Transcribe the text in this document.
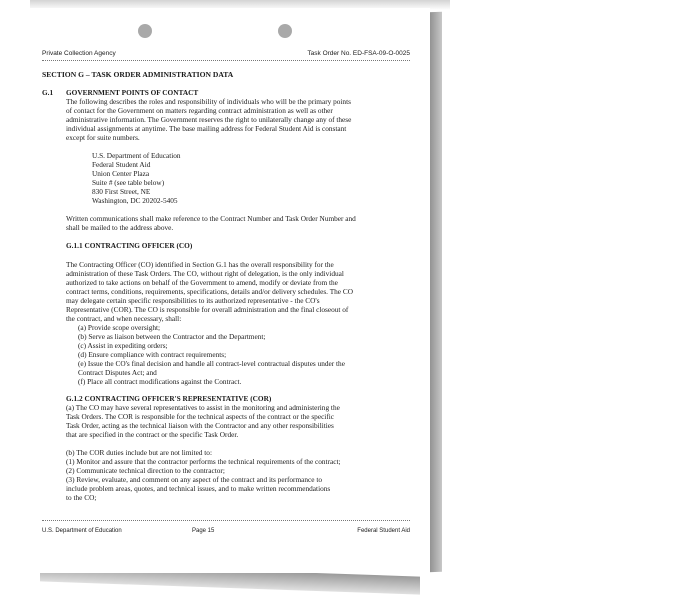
Private Collection Agency	Task Order No. ED-FSA-09-O-0025
SECTION G – TASK ORDER ADMINISTRATION DATA
G.1 GOVERNMENT POINTS OF CONTACT
The following describes the roles and responsibility of individuals who will be the primary points
of contact for the Government on matters regarding contract administration as well as other
administrative information. The Government reserves the right to unilaterally change any of these
individual assignments at anytime. The base mailing address for Federal Student Aid is constant
except for suite numbers.
U.S. Department of Education
Federal Student Aid
Union Center Plaza
Suite # (see table below)
830 First Street, NE
Washington, DC 20202-5405
Written communications shall make reference to the Contract Number and Task Order Number and
shall be mailed to the address above.
G.1.1 CONTRACTING OFFICER (CO)
The Contracting Officer (CO) identified in Section G.1 has the overall responsibility for the
administration of these Task Orders. The CO, without right of delegation, is the only individual
authorized to take actions on behalf of the Government to amend, modify or deviate from the
contract terms, conditions, requirements, specifications, details and/or delivery schedules. The CO
may delegate certain specific responsibilities to its authorized representative - the CO's
Representative (COR). The CO is responsible for overall administration and the final closeout of
the contract, and when necessary, shall:
(a) Provide scope oversight;
(b) Serve as liaison between the Contractor and the Department;
(c) Assist in expediting orders;
(d) Ensure compliance with contract requirements;
(e) Issue the CO's final decision and handle all contract-level contractual disputes under the
Contract Disputes Act; and
(f) Place all contract modifications against the Contract.
G.1.2 CONTRACTING OFFICER'S REPRESENTATIVE (COR)
(a) The CO may have several representatives to assist in the monitoring and administering the
Task Orders. The COR is responsible for the technical aspects of the contract or the specific
Task Order, acting as the technical liaison with the Contractor and any other responsibilities
that are specified in the contract or the specific Task Order.
(b) The COR duties include but are not limited to:
(1) Monitor and assure that the contractor performs the technical requirements of the contract;
(2) Communicate technical direction to the contractor;
(3) Review, evaluate, and comment on any aspect of the contract and its performance to
include problem areas, quotes, and technical issues, and to make written recommendations
to the CO;
U.S. Department of Education	Page 15	Federal Student Aid
